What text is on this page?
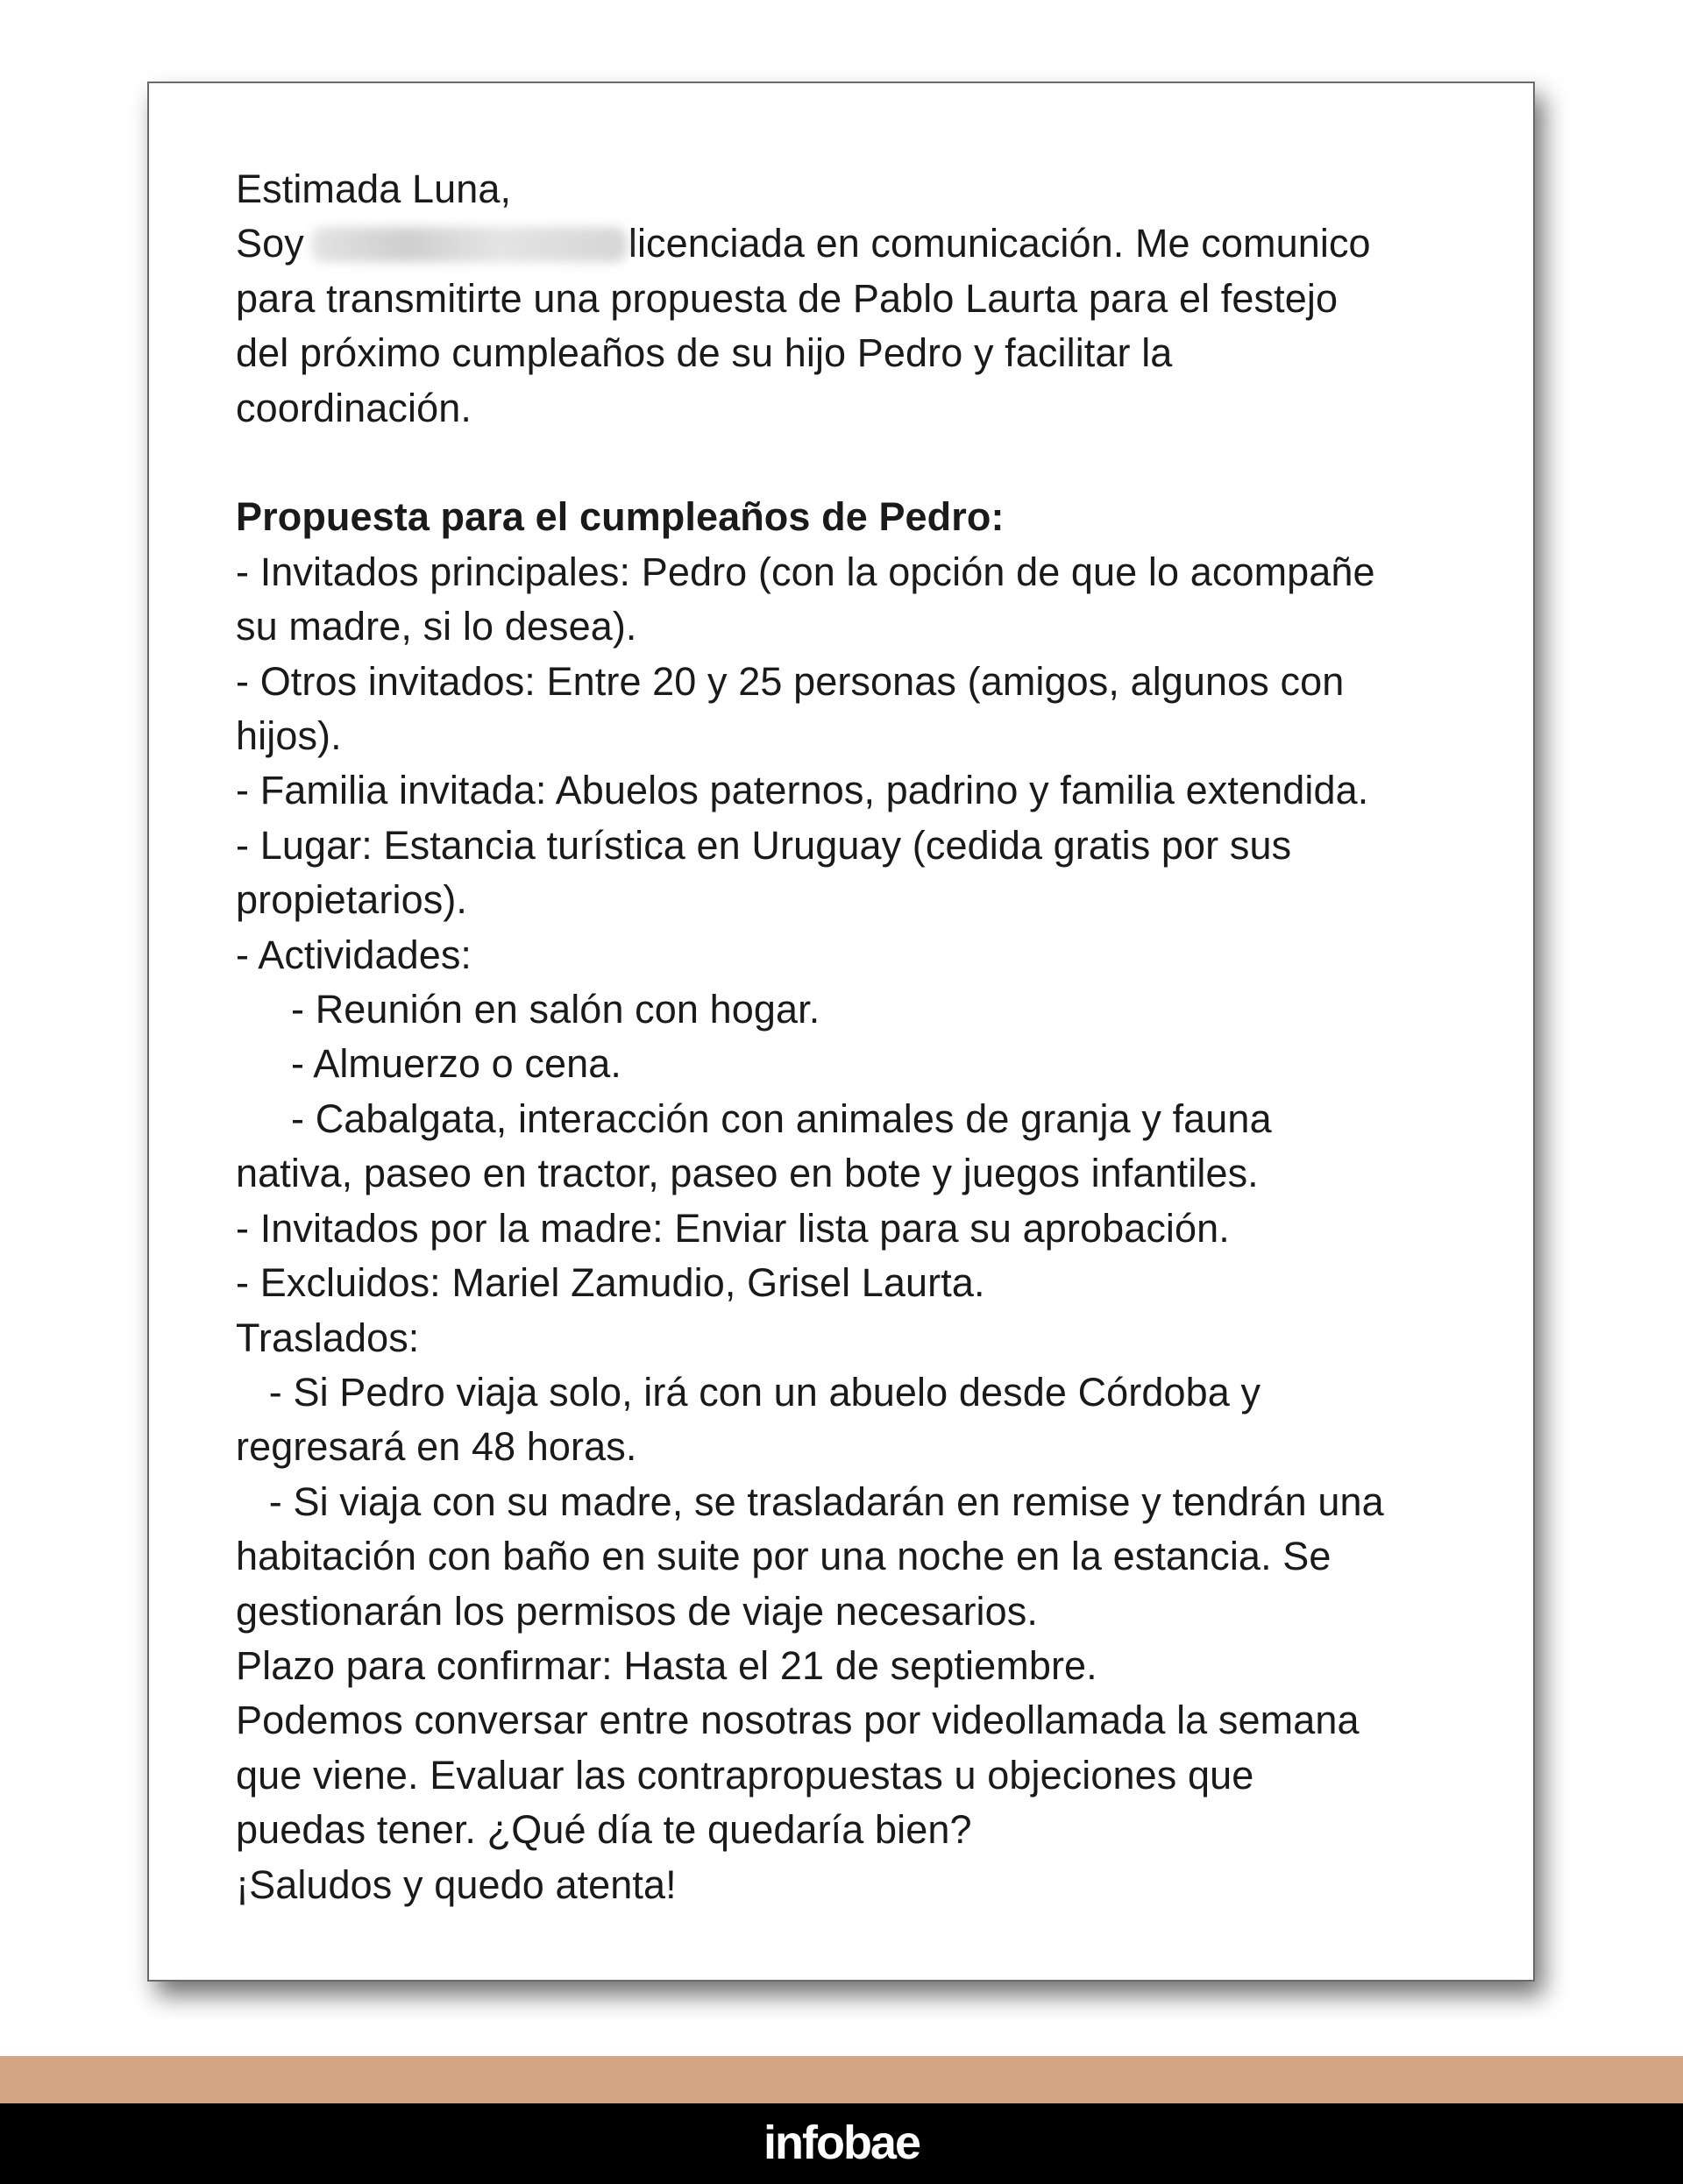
Estimada Luna,

Soy	licenciada en comunicación. Me comunico

para transmitirte una propuesta de Pablo Laurta para el festejo

del próximo cumpleaños de su hijo Pedro y facilitar la

coordinación.

Propuesta para el cumpleaños de Pedro:

- Invitados principales: Pedro (con la opción de que lo acompañe

su madre, si lo desea).

- Otros invitados: Entre 20 y 25 personas (amigos, algunos con

hijos).

- Familia invitada: Abuelos paternos, padrino y familia extendida.

- Lugar: Estancia turística en Uruguay (cedida gratis por sus

propietarios).

- Actividades:

- Reunión en salón con hogar.

- Almuerzo o cena.

- Cabalgata, interacción con animales de granja y fauna

nativa, paseo en tractor, paseo en bote y juegos infantiles.

- Invitados por la madre: Enviar lista para su aprobación.

- Excluidos: Mariel Zamudio, Grisel Laurta.

Traslados:

- Si Pedro viaja solo, irá con un abuelo desde Córdoba y

regresará en 48 horas.

- Si viaja con su madre, se trasladarán en remise y tendrán una

habitación con baño en suite por una noche en la estancia. Se

gestionarán los permisos de viaje necesarios.

Plazo para confirmar: Hasta el 21 de septiembre.

Podemos conversar entre nosotras por videollamada la semana

que viene. Evaluar las contrapropuestas u objeciones que

puedas tener. ¿Qué día te quedaría bien?

¡Saludos y quedo atenta!

infobae
